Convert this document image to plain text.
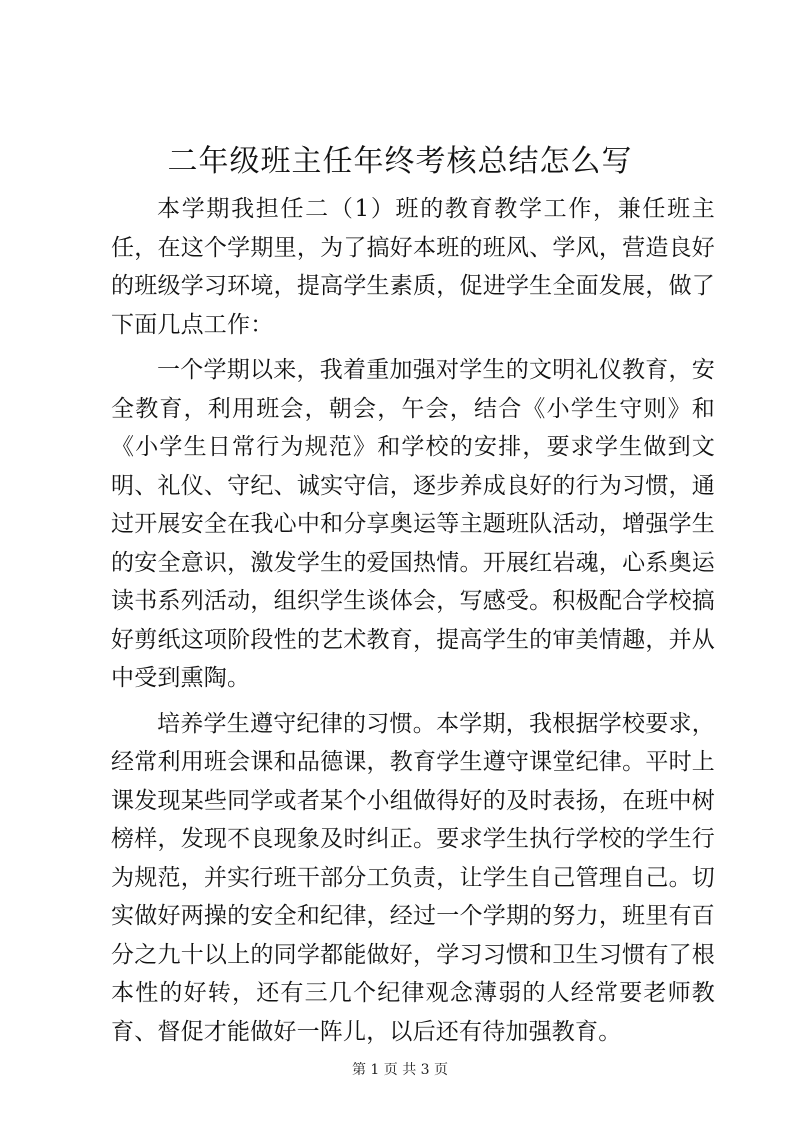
二年级班主任年终考核总结怎么写

本学期我担任二（1）班的教育教学工作，兼任班主任，在这个学期里，为了搞好本班的班风、学风，营造良好的班级学习环境，提高学生素质，促进学生全面发展，做了下面几点工作：

一个学期以来，我着重加强对学生的文明礼仪教育，安全教育，利用班会，朝会，午会，结合《小学生守则》和《小学生日常行为规范》和学校的安排，要求学生做到文明、礼仪、守纪、诚实守信，逐步养成良好的行为习惯，通过开展安全在我心中和分享奥运等主题班队活动，增强学生的安全意识，激发学生的爱国热情。开展红岩魂，心系奥运读书系列活动，组织学生谈体会，写感受。积极配合学校搞好剪纸这项阶段性的艺术教育，提高学生的审美情趣，并从中受到熏陶。

培养学生遵守纪律的习惯。本学期，我根据学校要求，经常利用班会课和品德课，教育学生遵守课堂纪律。平时上课发现某些同学或者某个小组做得好的及时表扬，在班中树榜样，发现不良现象及时纠正。要求学生执行学校的学生行为规范，并实行班干部分工负责，让学生自己管理自己。切实做好两操的安全和纪律，经过一个学期的努力，班里有百分之九十以上的同学都能做好，学习习惯和卫生习惯有了根本性的好转，还有三几个纪律观念薄弱的人经常要老师教育、督促才能做好一阵儿，以后还有待加强教育。

第 1 页 共 3 页
